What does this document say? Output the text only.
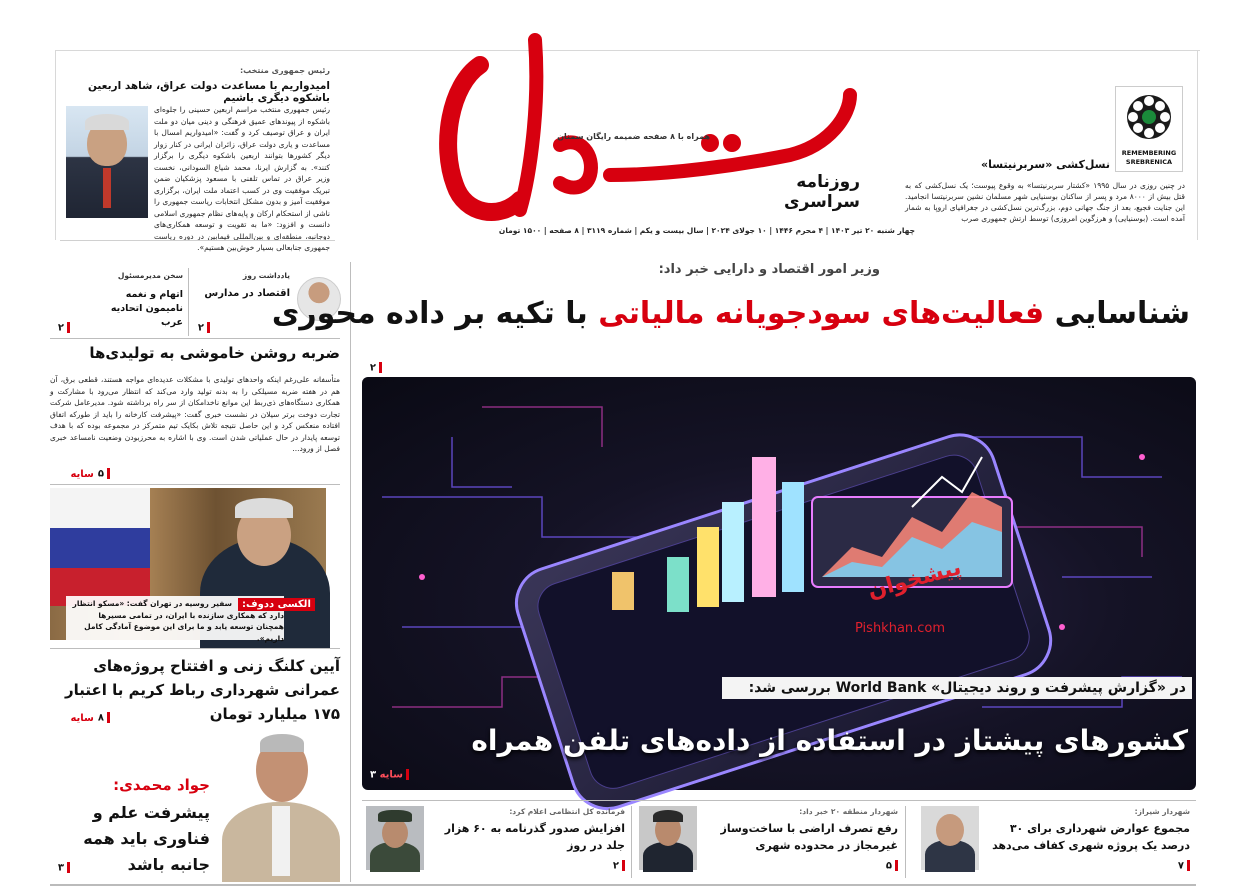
روزنامه سراسری
همراه با ۸ صفحه ضمیمه رایگان سمنان
چهار شنبه ۲۰ تیر ۱۴۰۳ | ۴ محرم ۱۴۴۶ | ۱۰ جولای ۲۰۲۴ | سال بیست و یکم | شماره ۳۱۱۹ | ۸ صفحه | ۱۵۰۰ تومان
REMEMBERING SREBRENICA
نسل‌کشی «سربرنیتسا»
در چنین روزی در سال ۱۹۹۵ «کشتار سربرنیتسا» به وقوع پیوست؛ یک نسل‌کشی که به قتل بیش از ۸۰۰۰ مرد و پسر از ساکنان بوسنیایی شهر مسلمان نشین سربرنیتسا انجامید. این جنایت فجیع، بعد از جنگ جهانی دوم، بزرگ‌ترین نسل‌کشی در جغرافیای اروپا به شمار آمده است. (بوسنیایی) و هرزگوین امروزی) توسط ارتش جمهوری صرب
رئیس جمهوری منتخب:
امیدواریم با مساعدت دولت عراق، شاهد اربعین باشکوه دیگری باشیم
رئیس جمهوری منتخب مراسم اربعین حسینی را جلوه‌ای باشکوه از پیوندهای عمیق فرهنگی و دینی میان دو ملت ایران و عراق توصیف کرد و گفت: «امیدواریم امسال با مساعدت و یاری دولت عراق، زائران ایرانی در کنار زوار دیگر کشورها بتوانند اربعین باشکوه دیگری را برگزار کنند». به گزارش ایرنا، محمد شیاع السودانی، نخست وزیر عراق در تماس تلفنی با مسعود پزشکیان ضمن تبریک موفقیت وی در کسب اعتماد ملت ایران، برگزاری موفقیت آمیز و بدون مشکل انتخابات ریاست جمهوری را ناشی از استحکام ارکان و پایه‌های نظام جمهوری اسلامی دانست و افزود: «ما به تقویت و توسعه همکاری‌های دوجانبه، منطقه‌ای و بین‌المللی فیمابین در دوره ریاست جمهوری جنابعالی بسیار خوش‌بین هستیم».
یادداشت روز
اقتصاد در مدارس
۲
سخن مدیرمسئول
اتهام و نغمه نامیمون اتحادیه عرب
۲
ضربه روشن خاموشی به تولیدی‌ها
متأسفانه علی‌رغم اینکه واحدهای تولیدی با مشکلات عدیده‌ای مواجه هستند، قطعی برق، آن هم در هفته ضربه مسیلکی را به بدنه تولید وارد می‌کند که انتظار می‌رود با مشارکت و همکاری دستگاه‌های ذی‌ربط این موانع ناخدامکان از سر راه برداشته شود. مدیرعامل شرکت تجارت دوخت برتر سیلان در نشست خبری گفت: «پیشرفت کارخانه را باید از طورکه اتفاق افتاده منعکس کرد و این حاصل نتیجه تلاش بکایک تیم متمرکز در مجموعه بوده که با هدف توسعه پایدار در حال عملیاتی شدن است. وی با اشاره به محرزبودن وضعیت نامساعد خبری فصل از ورود...
۵سایه
الکسی ددوف:
سفیر روسیه در تهران گفت: «مسکو انتظار دارد که همکاری سازنده با ایران، در تمامی مسیرها همچنان توسعه یابد و ما برای این موضوع آمادگی کامل داریم».
آیین کلنگ زنی و افتتاح پروژه‌های عمرانی شهرداری رباط کریم با اعتبار ۱۷۵ میلیارد تومان
۸سایه
جواد محمدی:
پیشرفت علم و فناوری باید همه جانبه باشد
۳
وزیر امور اقتصاد و دارایی خبر داد:
شناسایی فعالیت‌های سودجویانه مالیاتی با تکیه بر داده محوری
۲
پیشخوان
Pishkhan.com
در «گزارش پیشرفت و روند دیجیتال» World Bank بررسی شد:
کشورهای پیشتاز در استفاده از داده‌های تلفن همراه
سایه ۳
شهردار شیراز:
مجموع عوارض شهرداری برای ۳۰ درصد یک پروژه شهری کفاف می‌دهد
۷
شهردار منطقه ۲۰ خبر داد:
رفع تصرف اراضی با ساخت‌وساز غیرمجاز در محدوده شهری
۵
فرمانده کل انتظامی اعلام کرد:
افزایش صدور گذرنامه به ۶۰ هزار جلد در روز
۲
